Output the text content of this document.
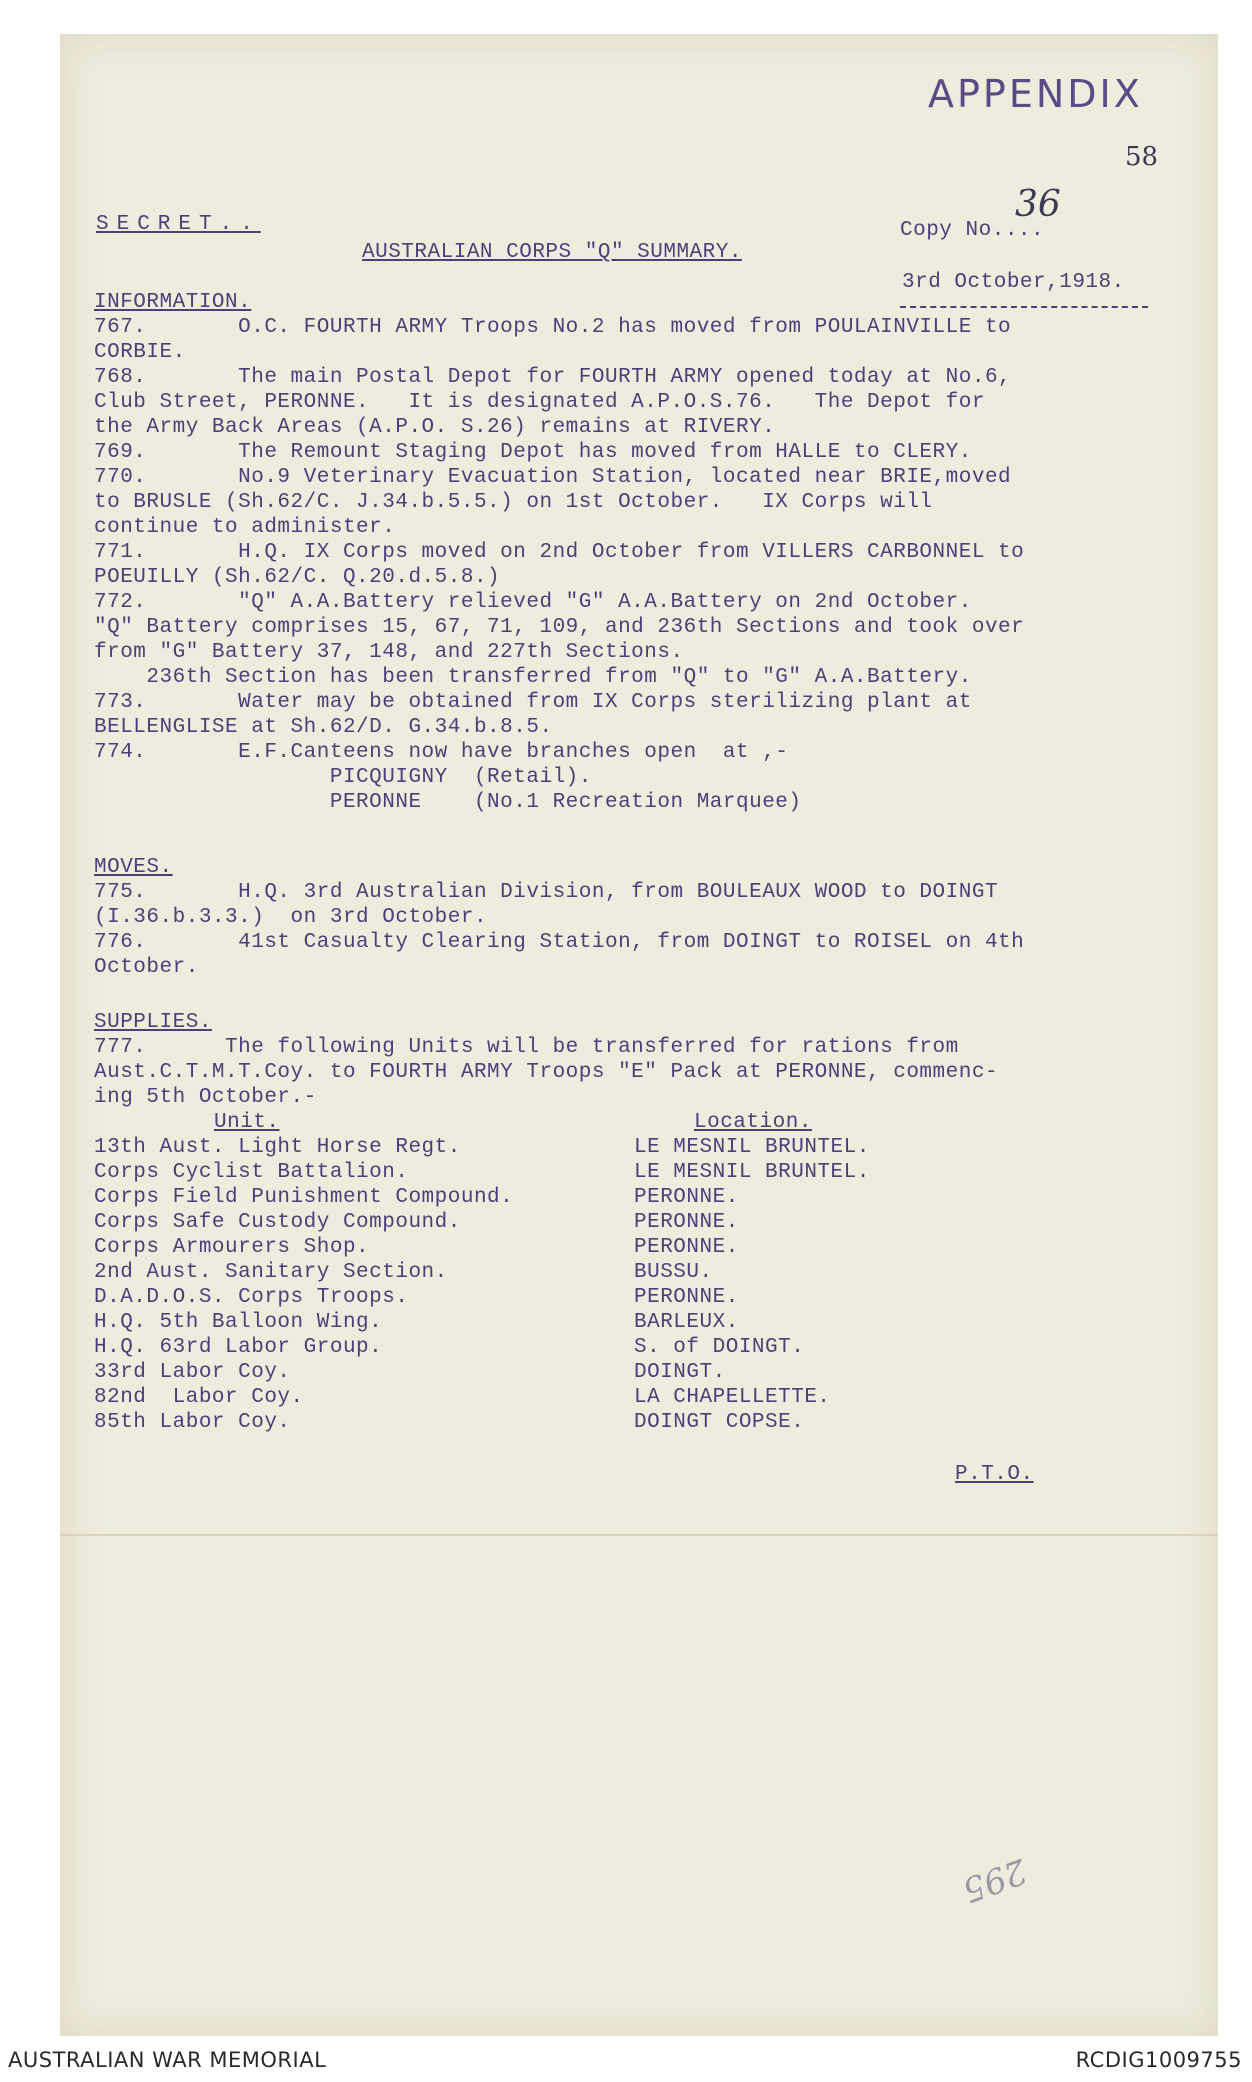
APPENDIX
58
SECRET..	Copy No....
36
AUSTRALIAN CORPS "Q" SUMMARY.
3rd October,1918.
INFORMATION.
767.       O.C. FOURTH ARMY Troops No.2 has moved from POULAINVILLE to
CORBIE.
768.       The main Postal Depot for FOURTH ARMY opened today at No.6,
Club Street, PERONNE.   It is designated A.P.O.S.76.   The Depot for
the Army Back Areas (A.P.O. S.26) remains at RIVERY.
769.       The Remount Staging Depot has moved from HALLE to CLERY.
770.       No.9 Veterinary Evacuation Station, located near BRIE,moved
to BRUSLE (Sh.62/C. J.34.b.5.5.) on 1st October.   IX Corps will
continue to administer.
771.       H.Q. IX Corps moved on 2nd October from VILLERS CARBONNEL to
POEUILLY (Sh.62/C. Q.20.d.5.8.)
772.       "Q" A.A.Battery relieved "G" A.A.Battery on 2nd October.
"Q" Battery comprises 15, 67, 71, 109, and 236th Sections and took over
from "G" Battery 37, 148, and 227th Sections.
236th Section has been transferred from "Q" to "G" A.A.Battery.
773.       Water may be obtained from IX Corps sterilizing plant at
BELLENGLISE at Sh.62/D. G.34.b.8.5.
774.       E.F.Canteens now have branches open  at ,-
PICQUIGNY  (Retail).
PERONNE    (No.1 Recreation Marquee)
MOVES.
775.       H.Q. 3rd Australian Division, from BOULEAUX WOOD to DOINGT
(I.36.b.3.3.)  on 3rd October.
776.       41st Casualty Clearing Station, from DOINGT to ROISEL on 4th
October.
SUPPLIES.
777.      The following Units will be transferred for rations from
Aust.C.T.M.T.Coy. to FOURTH ARMY Troops "E" Pack at PERONNE, commenc-
ing 5th October.-
Unit.	Location.
13th Aust. Light Horse Regt.	LE MESNIL BRUNTEL.
Corps Cyclist Battalion.	LE MESNIL BRUNTEL.
Corps Field Punishment Compound.	PERONNE.
Corps Safe Custody Compound.	PERONNE.
Corps Armourers Shop.	PERONNE.
2nd Aust. Sanitary Section.	BUSSU.
D.A.D.O.S. Corps Troops.	PERONNE.
H.Q. 5th Balloon Wing.	BARLEUX.
H.Q. 63rd Labor Group.	S. of DOINGT.
33rd Labor Coy.	DOINGT.
82nd  Labor Coy.	LA CHAPELLETTE.
85th Labor Coy.	DOINGT COPSE.
P.T.O.
295
AUSTRALIAN WAR MEMORIAL	RCDIG1009755
